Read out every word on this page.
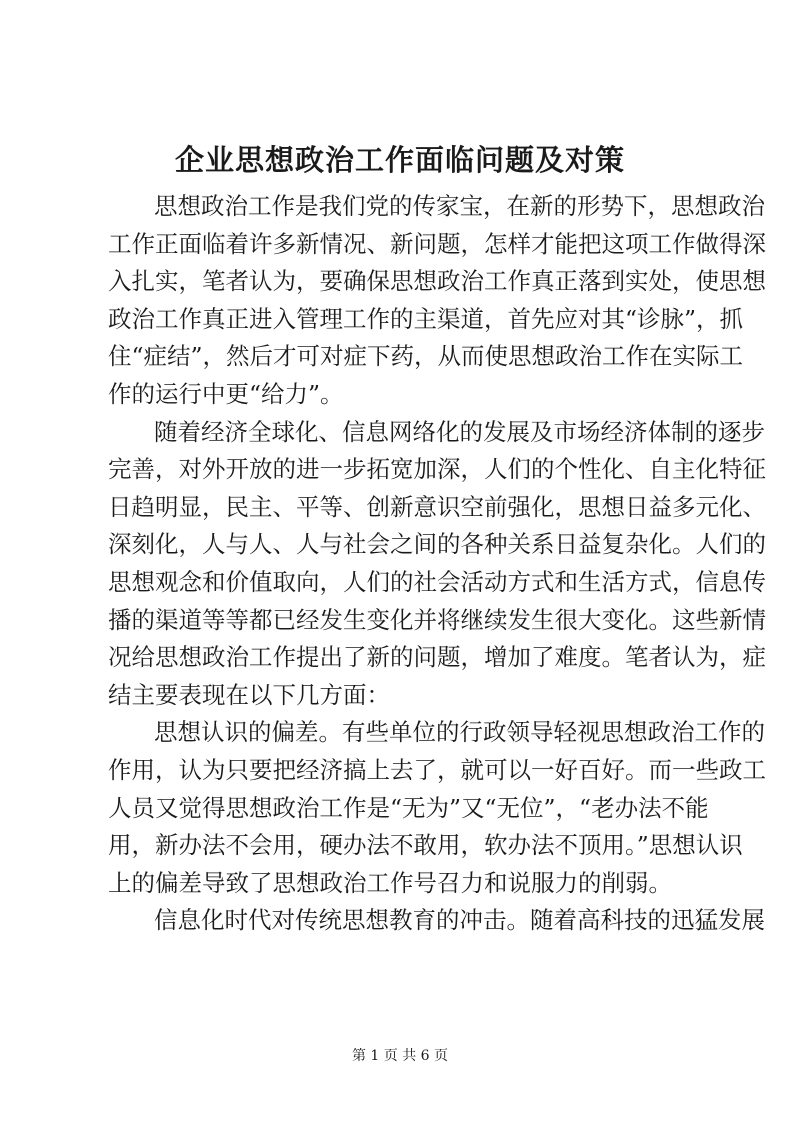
企业思想政治工作面临问题及对策
思想政治工作是我们党的传家宝，在新的形势下，思想政治
工作正面临着许多新情况、新问题，怎样才能把这项工作做得深
入扎实，笔者认为，要确保思想政治工作真正落到实处，使思想
政治工作真正进入管理工作的主渠道，首先应对其“诊脉”，抓
住“症结”，然后才可对症下药，从而使思想政治工作在实际工
作的运行中更“给力”。
随着经济全球化、信息网络化的发展及市场经济体制的逐步
完善，对外开放的进一步拓宽加深，人们的个性化、自主化特征
日趋明显，民主、平等、创新意识空前强化，思想日益多元化、
深刻化，人与人、人与社会之间的各种关系日益复杂化。人们的
思想观念和价值取向，人们的社会活动方式和生活方式，信息传
播的渠道等等都已经发生变化并将继续发生很大变化。这些新情
况给思想政治工作提出了新的问题，增加了难度。笔者认为，症
结主要表现在以下几方面：
思想认识的偏差。有些单位的行政领导轻视思想政治工作的
作用，认为只要把经济搞上去了，就可以一好百好。而一些政工
人员又觉得思想政治工作是“无为”又“无位”，“老办法不能
用，新办法不会用，硬办法不敢用，软办法不顶用。”思想认识
上的偏差导致了思想政治工作号召力和说服力的削弱。
信息化时代对传统思想教育的冲击。随着高科技的迅猛发展
第 1 页 共 6 页
